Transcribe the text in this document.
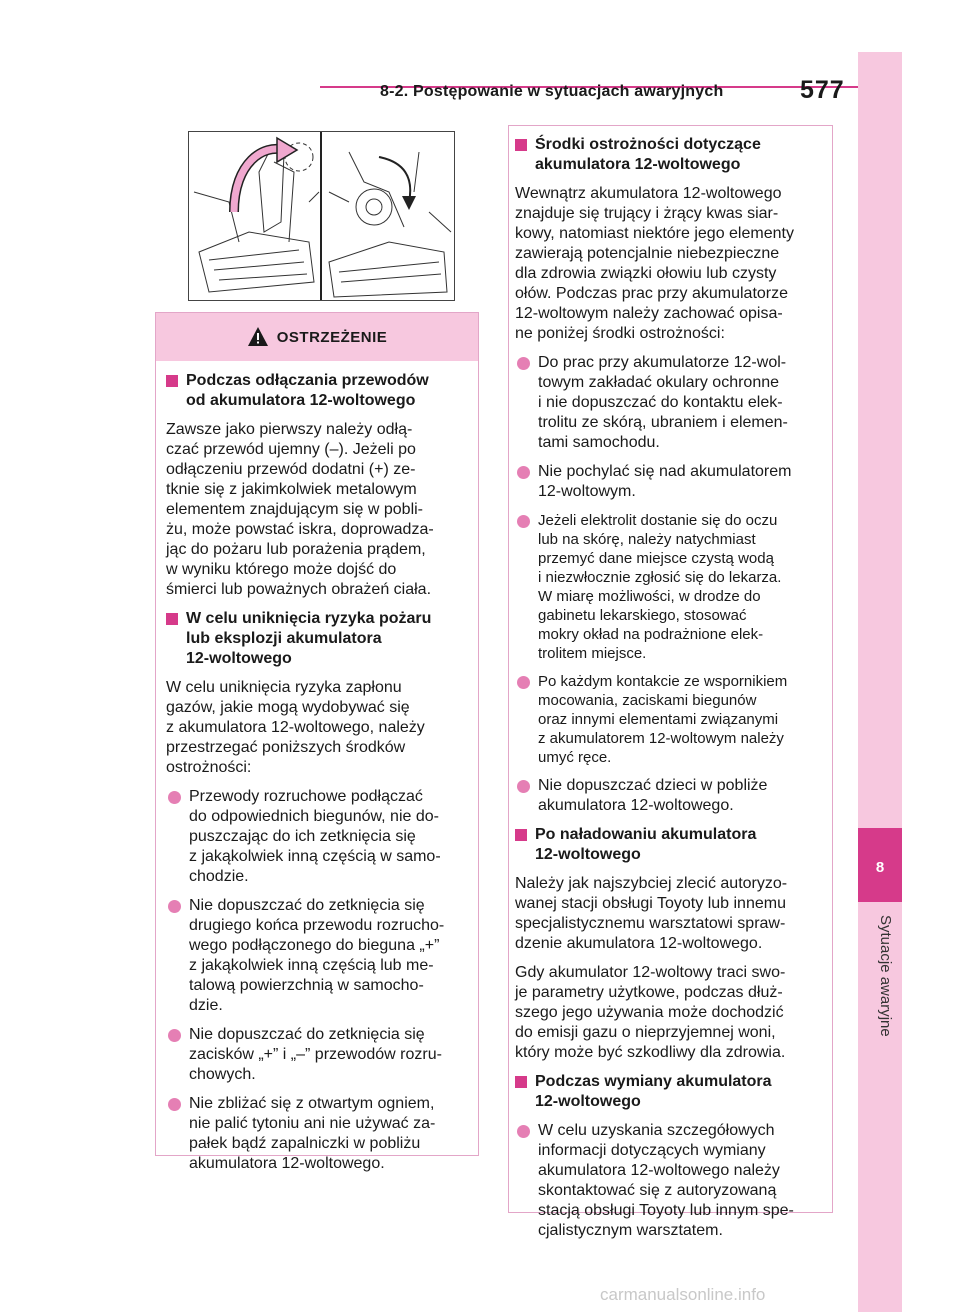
8-2. Postępowanie w sytuacjach awaryjnych	577
8
Sytuacje awaryjne
OSTRZEŻENIE
Podczas odłączania przewodów
od akumulatora 12-woltowego
Zawsze jako pierwszy należy odłą-
czać przewód ujemny (–). Jeżeli po
odłączeniu przewód dodatni (+) ze-
tknie się z jakimkolwiek metalowym
elementem znajdującym się w pobli-
żu, może powstać iskra, doprowadza-
jąc do pożaru lub porażenia prądem,
w wyniku którego może dojść do
śmierci lub poważnych obrażeń ciała.
W celu uniknięcia ryzyka pożaru
lub eksplozji akumulatora
12-woltowego
W celu uniknięcia ryzyka zapłonu
gazów, jakie mogą wydobywać się
z akumulatora 12-woltowego, należy
przestrzegać poniższych środków
ostrożności:
Przewody rozruchowe podłączać
do odpowiednich biegunów, nie do-
puszczając do ich zetknięcia się
z jakąkolwiek inną częścią w samo-
chodzie.
Nie dopuszczać do zetknięcia się
drugiego końca przewodu rozrucho-
wego podłączonego do bieguna „+”
z jakąkolwiek inną częścią lub me-
talową powierzchnią w samocho-
dzie.
Nie dopuszczać do zetknięcia się
zacisków „+” i „–” przewodów rozru-
chowych.
Nie zbliżać się z otwartym ogniem,
nie palić tytoniu ani nie używać za-
pałek bądź zapalniczki w pobliżu
akumulatora 12-woltowego.
Środki ostrożności dotyczące
akumulatora 12-woltowego
Wewnątrz akumulatora 12-woltowego
znajduje się trujący i żrący kwas siar-
kowy, natomiast niektóre jego elementy
zawierają potencjalnie niebezpieczne
dla zdrowia związki ołowiu lub czysty
ołów. Podczas prac przy akumulatorze
12-woltowym należy zachować opisa-
ne poniżej środki ostrożności:
Do prac przy akumulatorze 12-wol-
towym zakładać okulary ochronne
i nie dopuszczać do kontaktu elek-
trolitu ze skórą, ubraniem i elemen-
tami samochodu.
Nie pochylać się nad akumulatorem
12-woltowym.
Jeżeli elektrolit dostanie się do oczu
lub na skórę, należy natychmiast
przemyć dane miejsce czystą wodą
i niezwłocznie zgłosić się do lekarza.
W miarę możliwości, w drodze do
gabinetu lekarskiego, stosować
mokry okład na podrażnione elek-
trolitem miejsce.
Po każdym kontakcie ze wspornikiem
mocowania, zaciskami biegunów
oraz innymi elementami związanymi
z akumulatorem 12-woltowym należy
umyć ręce.
Nie dopuszczać dzieci w pobliże
akumulatora 12-woltowego.
Po naładowaniu akumulatora
12-woltowego
Należy jak najszybciej zlecić autoryzo-
wanej stacji obsługi Toyoty lub innemu
specjalistycznemu warsztatowi spraw-
dzenie akumulatora 12-woltowego.
Gdy akumulator 12-woltowy traci swo-
je parametry użytkowe, podczas dłuż-
szego jego używania może dochodzić
do emisji gazu o nieprzyjemnej woni,
który może być szkodliwy dla zdrowia.
Podczas wymiany akumulatora
12-woltowego
W celu uzyskania szczegółowych
informacji dotyczących wymiany
akumulatora 12-woltowego należy
skontaktować się z autoryzowaną
stacją obsługi Toyoty lub innym spe-
cjalistycznym warsztatem.
carmanualsonline.info
